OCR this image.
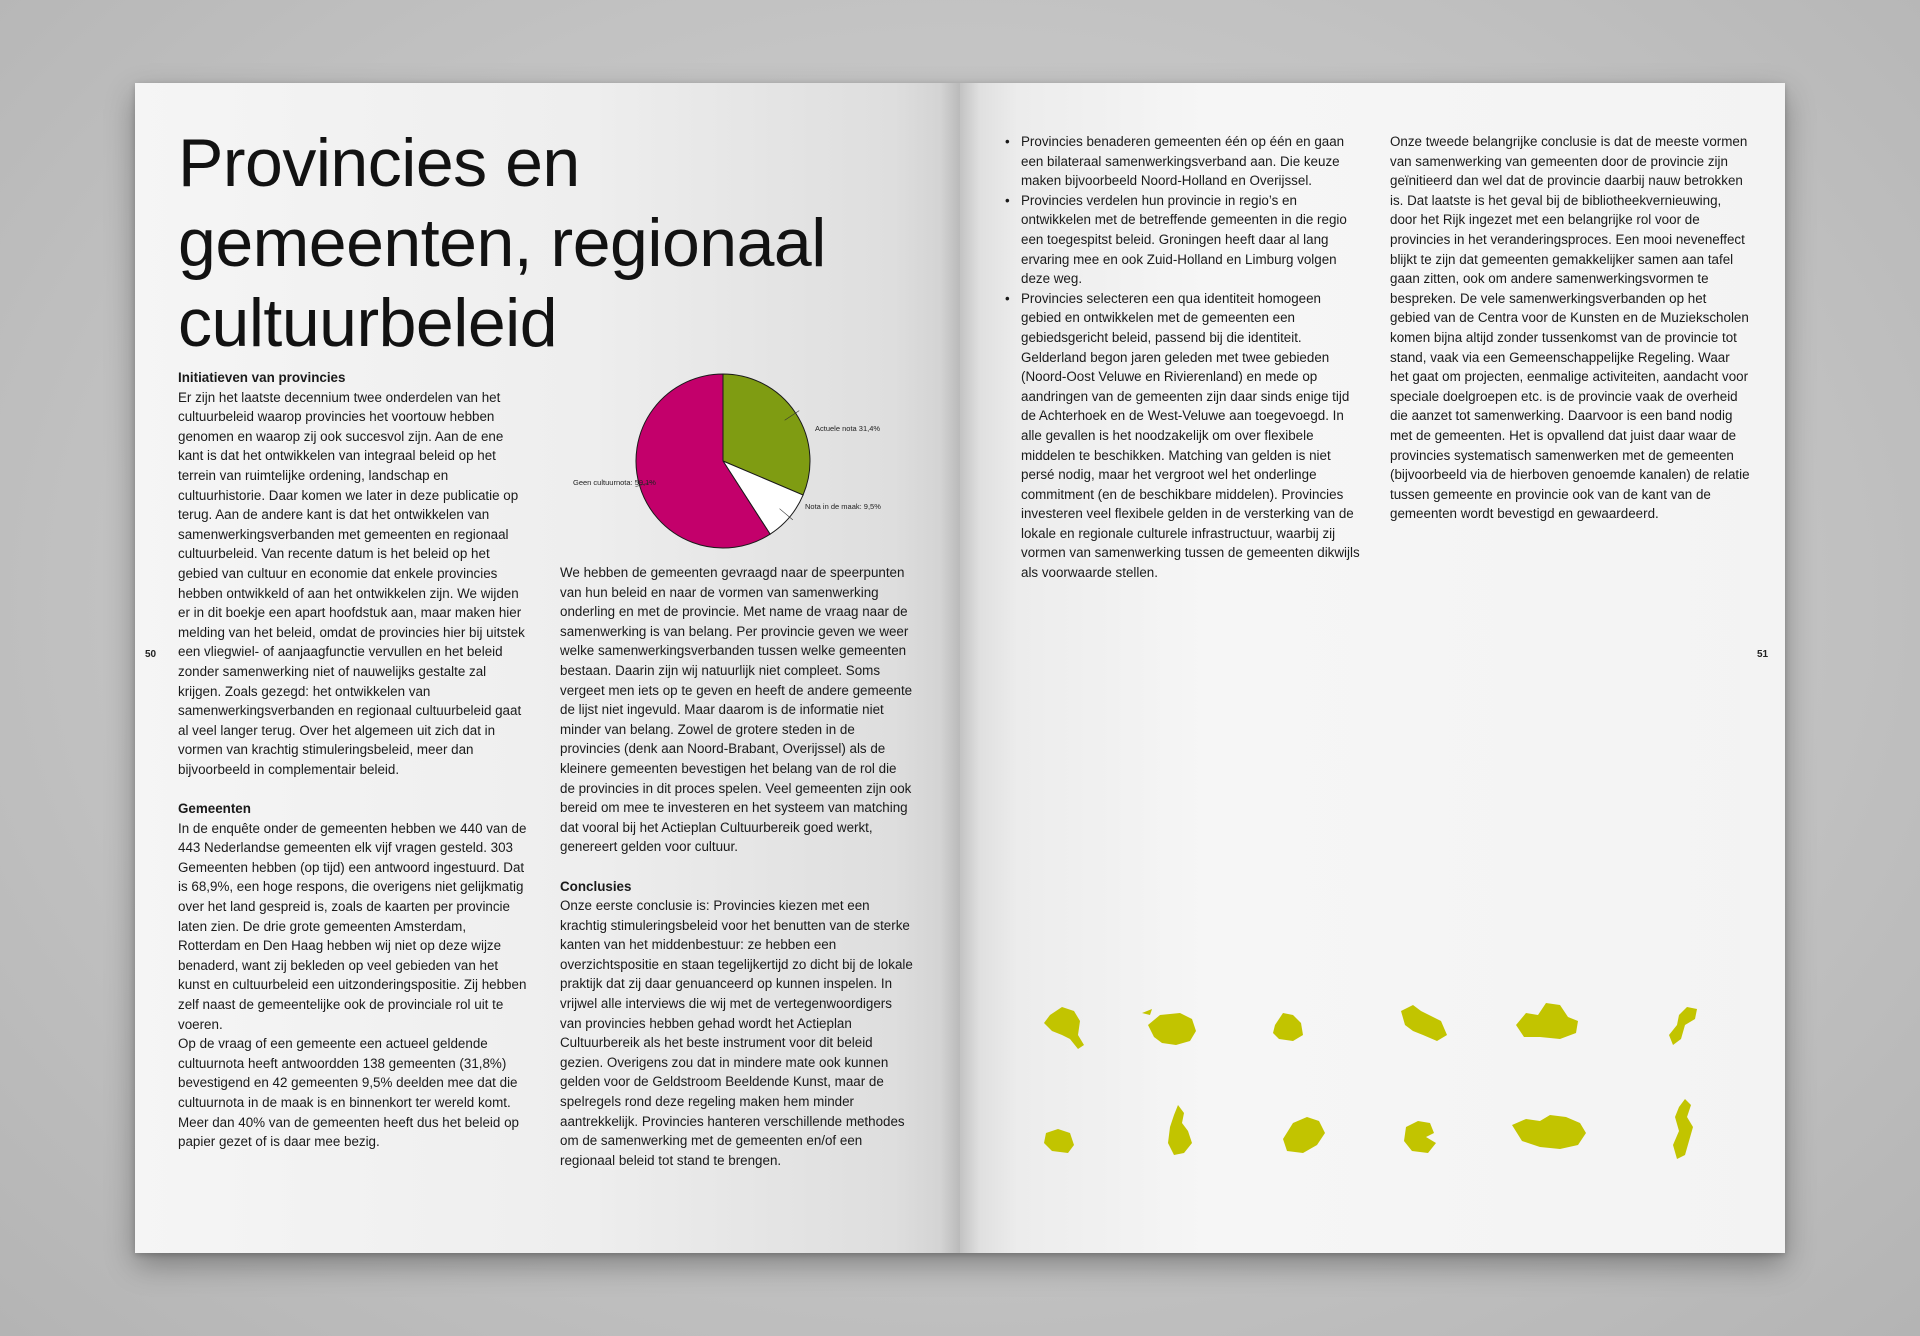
Provincies en gemeenten, regionaal cultuurbeleid
Initiatieven van provincies

Er zijn het laatste decennium twee onderdelen van het cultuurbeleid waarop provincies het voortouw hebben genomen en waarop zij ook succesvol zijn. Aan de ene kant is dat het ontwikkelen van integraal beleid op het terrein van ruimtelijke ordening, landschap en cultuurhistorie. Daar komen we later in deze publicatie op terug. Aan de andere kant is dat het ontwikkelen van samenwerkingsverbanden met gemeenten en regionaal cultuurbeleid. Van recente datum is het beleid op het gebied van cultuur en economie dat enkele provincies hebben ontwikkeld of aan het ontwikkelen zijn. We wijden er in dit boekje een apart hoofdstuk aan, maar maken hier melding van het beleid, omdat de provincies hier bij uitstek een vliegwiel- of aanjaagfunctie vervullen en het beleid zonder samenwerking niet of nauwelijks gestalte zal krijgen. Zoals gezegd: het ontwikkelen van samenwerkingsverbanden en regionaal cultuurbeleid gaat al veel langer terug. Over het algemeen uit zich dat in vormen van krachtig stimuleringsbeleid, meer dan bijvoorbeeld in complementair beleid.

Gemeenten

In de enquête onder de gemeenten hebben we 440 van de 443 Nederlandse gemeenten elk vijf vragen gesteld. 303 Gemeenten hebben (op tijd) een antwoord ingestuurd. Dat is 68,9%, een hoge respons, die overigens niet gelijkmatig over het land gespreid is, zoals de kaarten per provincie laten zien. De drie grote gemeenten Amsterdam, Rotterdam en Den Haag hebben wij niet op deze wijze benaderd, want zij bekleden op veel gebieden van het kunst en cultuurbeleid een uitzonderingspositie. Zij hebben zelf naast de gemeentelijke ook de provinciale rol uit te voeren.

Op de vraag of een gemeente een actueel geldende cultuurnota heeft antwoordden 138 gemeenten (31,8%) bevestigend en 42 gemeenten 9,5% deelden mee dat die cultuurnota in de maak is en binnenkort ter wereld komt. Meer dan 40% van de gemeenten heeft dus het beleid op papier gezet of is daar mee bezig.

Actuele nota 31,4%
Nota in de maak: 9,5%
Geen cultuurnota: 59,1%

We hebben de gemeenten gevraagd naar de speerpunten van hun beleid en naar de vormen van samenwerking onderling en met de provincie. Met name de vraag naar de samenwerking is van belang. Per provincie geven we weer welke samenwerkingsverbanden tussen welke gemeenten bestaan. Daarin zijn wij natuurlijk niet compleet. Soms vergeet men iets op te geven en heeft de andere gemeente de lijst niet ingevuld. Maar daarom is de informatie niet minder van belang. Zowel de grotere steden in de provincies (denk aan Noord-Brabant, Overijssel) als de kleinere gemeenten bevestigen het belang van de rol die de provincies in dit proces spelen. Veel gemeenten zijn ook bereid om mee te investeren en het systeem van matching dat vooral bij het Actieplan Cultuurbereik goed werkt, genereert gelden voor cultuur.

Conclusies

Onze eerste conclusie is: Provincies kiezen met een krachtig stimuleringsbeleid voor het benutten van de sterke kanten van het middenbestuur: ze hebben een overzichtspositie en staan tegelijkertijd zo dicht bij de lokale praktijk dat zij daar genuanceerd op kunnen inspelen. In vrijwel alle interviews die wij met de vertegenwoordigers van provincies hebben gehad wordt het Actieplan Cultuurbereik als het beste instrument voor dit beleid gezien. Overigens zou dat in mindere mate ook kunnen gelden voor de Geldstroom Beeldende Kunst, maar de spelregels rond deze regeling maken hem minder aantrekkelijk. Provincies hanteren verschillende methodes om de samenwerking met de gemeenten en/of een regionaal beleid tot stand te brengen.

50
• Provincies benaderen gemeenten één op één en gaan een bilateraal samenwerkingsverband aan. Die keuze maken bijvoorbeeld Noord-Holland en Overijssel.
• Provincies verdelen hun provincie in regio’s en ontwikkelen met de betreffende gemeenten in die regio een toegespitst beleid. Groningen heeft daar al lang ervaring mee en ook Zuid-Holland en Limburg volgen deze weg.
• Provincies selecteren een qua identiteit homogeen gebied en ontwikkelen met de gemeenten een gebiedsgericht beleid, passend bij die identiteit. Gelderland begon jaren geleden met twee gebieden (Noord-Oost Veluwe en Rivierenland) en mede op aandringen van de gemeenten zijn daar sinds enige tijd de Achterhoek en de West-Veluwe aan toegevoegd. In alle gevallen is het noodzakelijk om over flexibele middelen te beschikken. Matching van gelden is niet persé nodig, maar het vergroot wel het onderlinge commitment (en de beschikbare middelen). Provincies investeren veel flexibele gelden in de versterking van de lokale en regionale culturele infrastructuur, waarbij zij vormen van samenwerking tussen de gemeenten dikwijls als voorwaarde stellen.

Onze tweede belangrijke conclusie is dat de meeste vormen van samenwerking van gemeenten door de provincie zijn geïnitieerd dan wel dat de provincie daarbij nauw betrokken is. Dat laatste is het geval bij de bibliotheekvernieuwing, door het Rijk ingezet met een belangrijke rol voor de provincies in het veranderingsproces. Een mooi neveneffect blijkt te zijn dat gemeenten gemakkelijker samen aan tafel gaan zitten, ook om andere samenwerkingsvormen te bespreken. De vele samenwerkingsverbanden op het gebied van de Centra voor de Kunsten en de Muziekscholen komen bijna altijd zonder tussenkomst van de provincie tot stand, vaak via een Gemeenschappelijke Regeling. Waar het gaat om projecten, eenmalige activiteiten, aandacht voor speciale doelgroepen etc. is de provincie vaak de overheid die aanzet tot samenwerking. Daarvoor is een band nodig met de gemeenten. Het is opvallend dat juist daar waar de provincies systematisch samenwerken met de gemeenten (bijvoorbeeld via de hierboven genoemde kanalen) de relatie tussen gemeente en provincie ook van de kant van de gemeenten wordt bevestigd en gewaardeerd.

51
